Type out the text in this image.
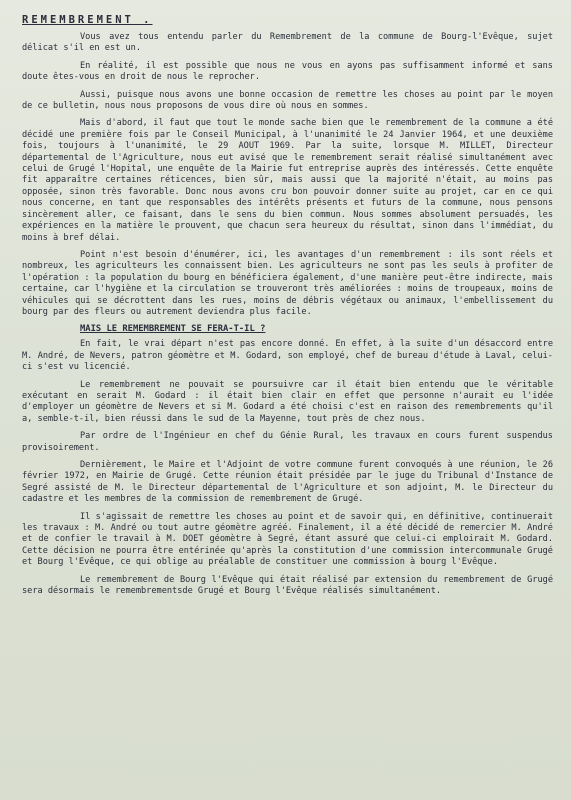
REMEMBREMENT .

Vous avez tous entendu parler du Remembrement de la commune de Bourg-l'Evêque, sujet délicat s'il en est un.

En réalité, il est possible que nous ne vous en ayons pas suffisamment informé et sans doute êtes-vous en droit de nous le reprocher.

Aussi, puisque nous avons une bonne occasion de remettre les choses au point par le moyen de ce bulletin, nous nous proposons de vous dire où nous en sommes.

Mais d'abord, il faut que tout le monde sache bien que le remembrement de la commune a été décidé une première fois par le Conseil Municipal, à l'unanimité le 24 Janvier 1964, et une deuxième fois, toujours à l'unanimité, le 29 AOUT 1969. Par la suite, lorsque M. MILLET, Directeur départemental de l'Agriculture, nous eut avisé que le remembrement serait réalisé simultanément avec celui de Grugé l'Hopital, une enquête de la Mairie fut entreprise auprès des intéressés. Cette enquête fit apparaître certaines réticences, bien sûr, mais aussi que la majorité n'était, au moins pas opposée, sinon très favorable. Donc nous avons cru bon pouvoir donner suite au projet, car en ce qui nous concerne, en tant que responsables des intérêts présents et futurs de la commune, nous pensons sincèrement aller, ce faisant, dans le sens du bien commun. Nous sommes absolument persuadés, les expériences en la matière le prouvent, que chacun sera heureux du résultat, sinon dans l'immédiat, du moins à bref délai.

Point n'est besoin d'énumérer, ici, les avantages d'un remembrement : ils sont réels et nombreux, les agriculteurs les connaissent bien. Les agriculteurs ne sont pas les seuls à profiter de l'opération : la population du bourg en bénéficiera également, d'une manière peut-être indirecte, mais certaine, car l'hygiène et la circulation se trouveront très améliorées : moins de troupeaux, moins de véhicules qui se décrottent dans les rues, moins de débris végétaux ou animaux, l'embellissement du bourg par des fleurs ou autrement deviendra plus facile.

MAIS LE REMEMBREMENT SE FERA-T-IL ?

En fait, le vrai départ n'est pas encore donné. En effet, à la suite d'un désaccord entre M. André, de Nevers, patron géomètre et M. Godard, son employé, chef de bureau d'étude à Laval, celui-ci s'est vu licencié.

Le remembrement ne pouvait se poursuivre car il était bien entendu que le véritable exécutant en serait M. Godard : il était bien clair en effet que personne n'aurait eu l'idée d'employer un géomètre de Nevers et si M. Godard a été choisi c'est en raison des remembrements qu'il a, semble-t-il, bien réussi dans le sud de la Mayenne, tout près de chez nous.

Par ordre de l'Ingénieur en chef du Génie Rural, les travaux en cours furent suspendus provisoirement.

Dernièrement, le Maire et l'Adjoint de votre commune furent convoqués à une réunion, le 26 février 1972, en Mairie de Grugé. Cette réunion était présidée par le juge du Tribunal d'Instance de Segré assisté de M. le Directeur départemental de l'Agriculture et son adjoint, M. le Directeur du cadastre et les membres de la commission de remembrement de Grugé.

Il s'agissait de remettre les choses au point et de savoir qui, en définitive, continuerait les travaux : M. André ou tout autre géomètre agréé. Finalement, il a été décidé de remercier M. André et de confier le travail à M. DOET géomètre à Segré, étant assuré que celui-ci emploirait M. Godard. Cette décision ne pourra être entérinée qu'après la constitution d'une commission intercommunale Grugé et Bourg l'Evêque, ce qui oblige au préalable de constituer une commission à bourg l'Evêque.

Le remembrement de Bourg l'Evêque qui était réalisé par extension du remembrement de Grugé sera désormais le remembrementsde Grugé et Bourg l'Evêque réalisés simultanément.
